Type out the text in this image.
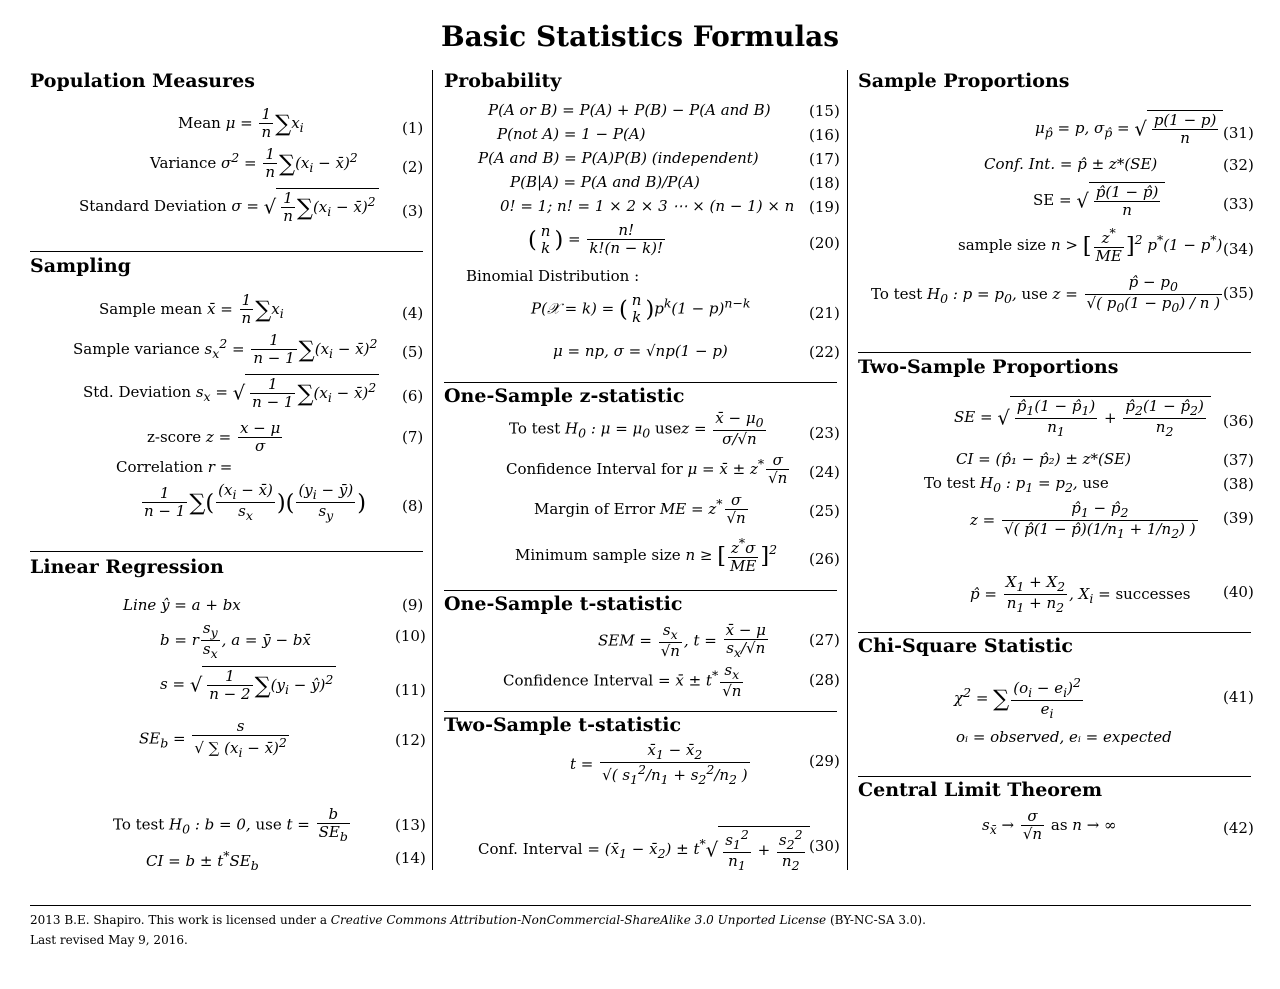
Basic Statistics Formulas
Population Measures
Mean $\mu = \frac{1}{n} \sum x_i$
Variance $\sigma^2 = \frac{1}{n} \sum(x_i$ − x̄)$^2$
Standard Deviation σ = √ $\frac{1}{n} \sum(x_i$ − x̄)$^2$
Sampling
Sample mean x̄ = $\frac{1}{n} \sum x_i$
Sample variance $s_x^2 = \frac{1}{n - 1} \sum(x_i$ − x̄)$^2$
Std. Deviation $s_x$ = √ $\frac{1}{n - 1} \sum(x_i$ − x̄)$^2$
z-score $z = \frac{x - \mu}{\sigma}$
Correlation r =
$\frac{1}{n - 1}$ ∑( $\frac{(x_i - x̄)}{s_x}$ )( $\frac{(y_i - ȳ)}{s_y}$ )
Linear Regression
Line ŷ = a + bx
b = r $\frac{s_y}{s_x}$ , a = ȳ − bx̄
s = √ $\frac{1}{n - 2} \sum(y_i$ − ŷ)$^2$
$SE_b = \frac{s}{√ \sum (x_i - x̄)^2}$
To test $H_0$ : b = 0, use $t = \frac{b}{SE_b}$
CI = $b \pm t^*SE_b$
(1)
(2)
(3)
(4)
(5)
(6)
(7)
(8)
(9)
(10)
(11)
(12)
(13)
(14)
Probability
P(A or B) = P(A) + P(B) − P(A and B)
P(not A) = 1 − P(A)
P(A and B) = P(A)P(B) (independent)
P(B|A) = P(A and B)/P(A)
0! = 1; n! = 1 × 2 × 3 ⋯ × (n − 1) × n
( n
k ) = $\frac{n!}{k!(n - k)!}$
Binomial Distribution :
P(𝒳 = k) = ( n
k )$p^k(1 - p)^{n-k}$
μ = np, σ = √np(1 − p)
One-Sample z-statistic
To test $H_0$ : $\mu = \mu_0$ usez = $\frac{x̄ - \mu_0}{\sigma/√n}$
Confidence Interval for μ = x̄ ± $z^* \frac{\sigma}{√n}$
Margin of Error ME = $z^* \frac{\sigma}{√n}$
Minimum sample size n ≥ [ $\frac{z^*\sigma}{ME} ]^2$
One-Sample t-statistic
SEM = $\frac{s_x}{√n}$ , $t = \frac{x̄ - \mu}{s_x/√n}$
Confidence Interval = x̄ ± $t^* \frac{s_x}{√n}$
Two-Sample t-statistic
$t = \frac{x̄_1 - x̄_2}{√( s_1^2/n_1 + s_2^2/n_2 )}$
Conf. Interval = ($x̄_1$ − $x̄_2) \pm t^*√ \frac{s_1^2}{n_1} + \frac{s_2^2}{n_2}$
(15)
(16)
(17)
(18)
(19)
(20)
(21)
(22)
(23)
(24)
(25)
(26)
(27)
(28)
(29)
(30)
Sample Proportions
$\mu_{p̂} = p$, $\sigma_{p̂}$ = √ $\frac{p(1 - p)}{n}$
Conf. Int. = p̂ ± z*(SE)
SE = √ $\frac{p̂(1 - p̂)}{n}$
sample size n > [ $\frac{z^*}{ME} ]^2$ p*(1 − p*)
To test $H_0$ : $p = p_0$, use $z = \frac{p̂ - p_0}{√( p_0(1 - p_0) / n )}$
Two-Sample Proportions
SE = √ $\frac{p̂_1(1 - p̂_1)}{n_1} + \frac{p̂_2(1 - p̂_2)}{n_2}$
CI = (p̂₁ − p̂₂) ± z*(SE)
To test $H_0$ : $p_1 = p_2$, use
$z = \frac{p̂_1 - p̂_2}{√( p̂(1 - p̂)(1/n_1 + 1/n_2) )}$
p̂ = $\frac{X_1 + X_2}{n_1 + n_2}$ , $X_i$ = successes
Chi-Square Statistic
$\chi^2$ = ∑ $\frac{(o_i - e_i)^2}{e_i}$
oᵢ = observed, eᵢ = expected
Central Limit Theorem
$s_{x̄} \to \frac{\sigma}{√n}$ as n → ∞
(31)
(32)
(33)
(34)
(35)
(36)
(37)
(38)
(39)
(40)
(41)
(42)
2013 B.E. Shapiro. This work is licensed under a Creative Commons Attribution-NonCommercial-ShareAlike 3.0 Unported License (BY-NC-SA 3.0).
Last revised May 9, 2016.
